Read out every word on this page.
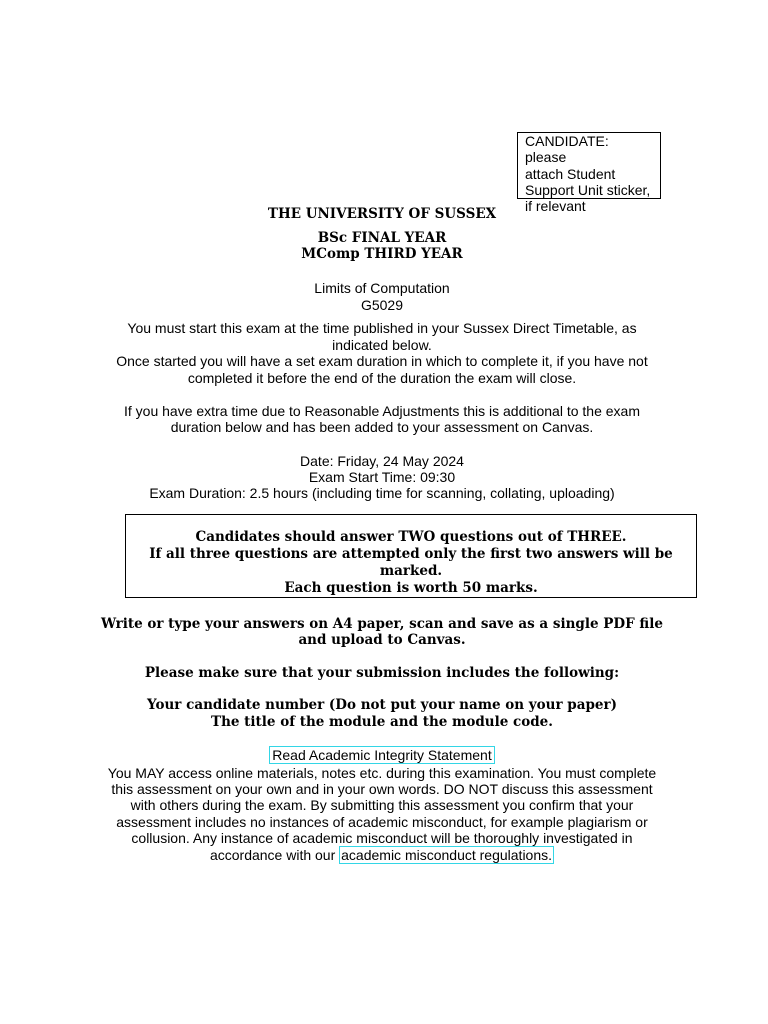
CANDIDATE: please
attach Student
Support Unit sticker,
if relevant
THE UNIVERSITY OF SUSSEX
BSc FINAL YEAR
MComp THIRD YEAR
Limits of Computation
G5029
You must start this exam at the time published in your Sussex Direct Timetable, as
indicated below.
Once started you will have a set exam duration in which to complete it, if you have not
completed it before the end of the duration the exam will close.
If you have extra time due to Reasonable Adjustments this is additional to the exam
duration below and has been added to your assessment on Canvas.
Date: Friday, 24 May 2024
Exam Start Time: 09:30
Exam Duration: 2.5 hours (including time for scanning, collating, uploading)
Candidates should answer TWO questions out of THREE.
If all three questions are attempted only the first two answers will be marked.
Each question is worth 50 marks.
Write or type your answers on A4 paper, scan and save as a single PDF file
and upload to Canvas.
Please make sure that your submission includes the following:
Your candidate number (Do not put your name on your paper)
The title of the module and the module code.
Read Academic Integrity Statement
You MAY access online materials, notes etc. during this examination. You must complete
this assessment on your own and in your own words. DO NOT discuss this assessment
with others during the exam. By submitting this assessment you confirm that your
assessment includes no instances of academic misconduct, for example plagiarism or
collusion. Any instance of academic misconduct will be thoroughly investigated in
accordance with our academic misconduct regulations.
